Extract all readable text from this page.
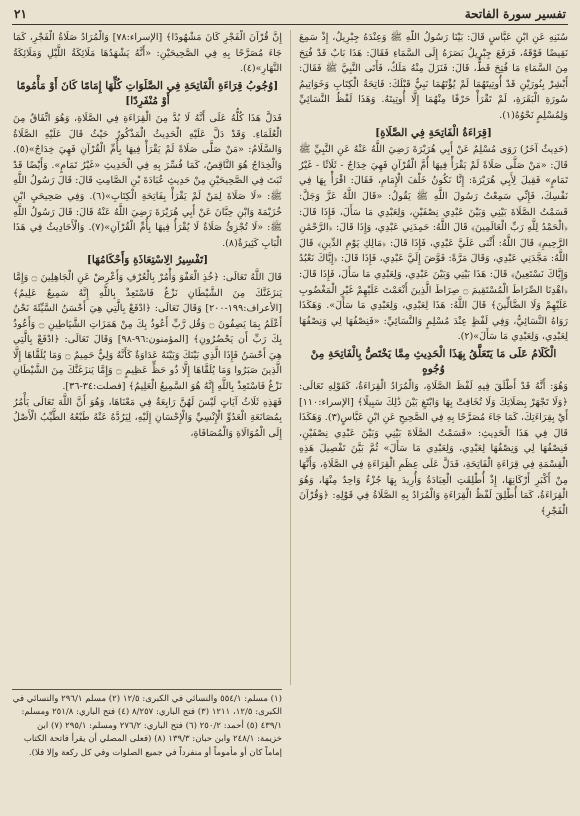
تفسير سورة الفاتحة
٢١

سُنَنِهِ عَنِ ابْنِ عَبَّاسٍ قَالَ: بَيْنَا رَسُولُ اللَّهِ ﷺ وَعِنْدَهُ جِبْرِيلُ، إِذْ سَمِعَ نَقِيضًا فَوْقَهُ، فَرَفَعَ جِبْرِيلُ بَصَرَهُ إِلَى السَّمَاءِ فَقَالَ: هَذَا بَابٌ قَدْ فُتِحَ مِنَ السَّمَاءِ مَا فُتِحَ قَطُّ، قَالَ: فَنَزَلَ مِنْهُ مَلَكٌ، فَأَتَى النَّبِيَّ ﷺ فَقَالَ: أَبْشِرْ بِنُورَيْنِ قَدْ أُوتِيتَهُمَا لَمْ يُؤْتَهُمَا نَبِيٌّ قَبْلَكَ: فَاتِحَةُ الْكِتَابِ وَخَوَاتِيمُ سُورَةِ الْبَقَرَةِ، لَمْ تَقْرَأْ حَرْفًا مِنْهُمَا إِلَّا أُوتِيتَهُ. وَهَذَا لَفْظُ النَّسَائِيِّ وَلِمُسْلِمٍ نَحْوُهُ(١).

[قِرَاءَةُ الْفَاتِحَةِ فِي الصَّلَاةِ]

(حَدِيثٌ آخَرُ) رَوَى مُسْلِمٌ عَنْ أَبِي هُرَيْرَةَ رَضِيَ اللَّهُ عَنْهُ عَنِ النَّبِيِّ ﷺ قَالَ: «مَنْ صَلَّى صَلَاةً لَمْ يَقْرَأْ فِيهَا أُمَّ الْقُرْآنِ فَهِيَ خِدَاجٌ - ثَلَاثًا - غَيْرُ تَمَامٍ» فَقِيلَ لِأَبِي هُرَيْرَةَ: إِنَّا نَكُونُ خَلْفَ الْإِمَامِ، فَقَالَ: اقْرَأْ بِهَا فِي نَفْسِكَ، فَإِنِّي سَمِعْتُ رَسُولَ اللَّهِ ﷺ يَقُولُ: «قَالَ اللَّهُ عَزَّ وَجَلَّ: قَسَمْتُ الصَّلَاةَ بَيْنِي وَبَيْنَ عَبْدِي نِصْفَيْنِ، وَلِعَبْدِي مَا سَأَلَ، فَإِذَا قَالَ: ﴿الْحَمْدُ لِلَّهِ رَبِّ الْعَالَمِينَ﴾ قَالَ اللَّهُ: حَمِدَنِي عَبْدِي، وَإِذَا قَالَ: ﴿الرَّحْمَٰنِ الرَّحِيمِ﴾ قَالَ اللَّهُ: أَثْنَى عَلَيَّ عَبْدِي، فَإِذَا قَالَ: ﴿مَالِكِ يَوْمِ الدِّينِ﴾ قَالَ اللَّهُ: مَجَّدَنِي عَبْدِي، وَقَالَ مَرَّةً: فَوَّضَ إِلَيَّ عَبْدِي، فَإِذَا قَالَ: ﴿إِيَّاكَ نَعْبُدُ وَإِيَّاكَ نَسْتَعِينُ﴾ قَالَ: هَذَا بَيْنِي وَبَيْنَ عَبْدِي، وَلِعَبْدِي مَا سَأَلَ، فَإِذَا قَالَ: ﴿اهْدِنَا الصِّرَاطَ الْمُسْتَقِيمَ ۝ صِرَاطَ الَّذِينَ أَنْعَمْتَ عَلَيْهِمْ غَيْرِ الْمَغْضُوبِ عَلَيْهِمْ وَلَا الضَّالِّينَ﴾ قَالَ اللَّهُ: هَذَا لِعَبْدِي، وَلِعَبْدِي مَا سَأَلَ». وَهَكَذَا رَوَاهُ النَّسَائِيُّ، وَفِي لَفْظٍ عِنْدَ مُسْلِمٍ وَالنَّسَائِيِّ: «فَنِصْفُهَا لِي وَنِصْفُهَا لِعَبْدِي، وَلِعَبْدِي مَا سَأَلَ»(٢).

الْكَلَامُ عَلَى مَا يَتَعَلَّقُ بِهَذَا الْحَدِيثِ مِمَّا يَخْتَصُّ بِالْفَاتِحَةِ مِنْ وُجُوهٍ

وَهُوَ: أَنَّهُ قَدْ أَطْلَقَ فِيهِ لَفْظَ الصَّلَاةِ، وَالْمُرَادُ الْقِرَاءَةُ، كَقَوْلِهِ تَعَالَى: ﴿وَلَا تَجْهَرْ بِصَلَاتِكَ وَلَا تُخَافِتْ بِهَا وَابْتَغِ بَيْنَ ذَٰلِكَ سَبِيلًا﴾ [الإسراء:١١٠] أَيْ بِقِرَاءَتِكَ، كَمَا جَاءَ مُصَرَّحًا بِهِ فِي الصَّحِيحِ عَنِ ابْنِ عَبَّاسٍ(٣). وَهَكَذَا قَالَ فِي هَذَا الْحَدِيثِ: «قَسَمْتُ الصَّلَاةَ بَيْنِي وَبَيْنَ عَبْدِي نِصْفَيْنِ، فَنِصْفُهَا لِي وَنِصْفُهَا لِعَبْدِي، وَلِعَبْدِي مَا سَأَلَ» ثُمَّ بَيَّنَ تَفْصِيلَ هَذِهِ الْقِسْمَةِ فِي قِرَاءَةِ الْفَاتِحَةِ، فَدَلَّ عَلَى عِظَمِ الْقِرَاءَةِ فِي الصَّلَاةِ، وَأَنَّهَا مِنْ أَكْبَرِ أَرْكَانِهَا، إِذْ أُطْلِقَتِ الْعِبَادَةُ وَأُرِيدَ بِهَا جُزْءٌ وَاحِدٌ مِنْهَا، وَهُوَ الْقِرَاءَةُ، كَمَا أُطْلِقَ لَفْظُ الْقِرَاءَةِ وَالْمُرَادُ بِهِ الصَّلَاةُ فِي قَوْلِهِ: ﴿وَقُرْآنَ الْفَجْرِ﴾

إِنَّ قُرْآنَ الْفَجْرِ كَانَ مَشْهُودًا﴾ [الإسراء:٧٨] وَالْمُرَادُ صَلَاةُ الْفَجْرِ، كَمَا جَاءَ مُصَرَّحًا بِهِ فِي الصَّحِيحَيْنِ: «أَنَّهُ يَشْهَدُهَا مَلَائِكَةُ اللَّيْلِ وَمَلَائِكَةُ النَّهَارِ»(٤).

[وُجُوبُ قِرَاءَةِ الْفَاتِحَةِ فِي الصَّلَوَاتِ كُلِّهَا إِمَامًا كَانَ أَوْ مَأْمُومًا أَوْ مُنْفَرِدًا]

فَدَلَّ هَذَا كُلُّهُ عَلَى أَنَّهُ لَا بُدَّ مِنَ الْقِرَاءَةِ فِي الصَّلَاةِ، وَهُوَ اتِّفَاقٌ مِنَ الْعُلَمَاءِ. وَقَدْ دَلَّ عَلَيْهِ الْحَدِيثُ الْمَذْكُورُ حَيْثُ قَالَ عَلَيْهِ الصَّلَاةُ وَالسَّلَامُ: «مَنْ صَلَّى صَلَاةً لَمْ يَقْرَأْ فِيهَا بِأُمِّ الْقُرْآنِ فَهِيَ خِدَاجٌ»(٥). وَالْخِدَاجُ هُوَ النَّاقِصُ، كَمَا فُسِّرَ بِهِ فِي الْحَدِيثِ «غَيْرُ تَمَامٍ». وَأَيْضًا قَدْ ثَبَتَ فِي الصَّحِيحَيْنِ مِنْ حَدِيثِ عُبَادَةَ بْنِ الصَّامِتِ قَالَ: قَالَ رَسُولُ اللَّهِ ﷺ: «لَا صَلَاةَ لِمَنْ لَمْ يَقْرَأْ بِفَاتِحَةِ الْكِتَابِ»(٦). وَفِي صَحِيحَيِ ابْنِ خُزَيْمَةَ وَابْنِ حِبَّانَ عَنْ أَبِي هُرَيْرَةَ رَضِيَ اللَّهُ عَنْهُ قَالَ: قَالَ رَسُولُ اللَّهِ ﷺ: «لَا تُجْزِئُ صَلَاةٌ لَا يُقْرَأُ فِيهَا بِأُمِّ الْقُرْآنِ»(٧). وَالْأَحَادِيثُ فِي هَذَا الْبَابِ كَثِيرَةٌ(٨).

[تَفْسِيرُ الِاسْتِعَاذَةِ وَأَحْكَامُهَا]

قَالَ اللَّهُ تَعَالَى: ﴿خُذِ الْعَفْوَ وَأْمُرْ بِالْعُرْفِ وَأَعْرِضْ عَنِ الْجَاهِلِينَ ۝ وَإِمَّا يَنزَغَنَّكَ مِنَ الشَّيْطَانِ نَزْغٌ فَاسْتَعِذْ بِاللَّهِ إِنَّهُ سَمِيعٌ عَلِيمٌ﴾ [الأعراف:١٩٩-٢٠٠] وَقَالَ تَعَالَى: ﴿ادْفَعْ بِالَّتِي هِيَ أَحْسَنُ السَّيِّئَةَ نَحْنُ أَعْلَمُ بِمَا يَصِفُونَ ۝ وَقُل رَّبِّ أَعُوذُ بِكَ مِنْ هَمَزَاتِ الشَّيَاطِينِ ۝ وَأَعُوذُ بِكَ رَبِّ أَن يَحْضُرُونِ﴾ [المؤمنون:٩٦-٩٨] وَقَالَ تَعَالَى: ﴿ادْفَعْ بِالَّتِي هِيَ أَحْسَنُ فَإِذَا الَّذِي بَيْنَكَ وَبَيْنَهُ عَدَاوَةٌ كَأَنَّهُ وَلِيٌّ حَمِيمٌ ۝ وَمَا يُلَقَّاهَا إِلَّا الَّذِينَ صَبَرُوا وَمَا يُلَقَّاهَا إِلَّا ذُو حَظٍّ عَظِيمٍ ۝ وَإِمَّا يَنزَغَنَّكَ مِنَ الشَّيْطَانِ نَزْغٌ فَاسْتَعِذْ بِاللَّهِ إِنَّهُ هُوَ السَّمِيعُ الْعَلِيمُ﴾ [فصلت:٣٤-٣٦].

فَهَذِهِ ثَلَاثُ آيَاتٍ لَيْسَ لَهُنَّ رَابِعَةٌ فِي مَعْنَاهَا، وَهُوَ أَنَّ اللَّهَ تَعَالَى يَأْمُرُ بِمُصَانَعَةِ الْعَدُوِّ الْإِنْسِيِّ وَالْإِحْسَانِ إِلَيْهِ، لِيَرُدَّهُ عَنْهُ طَبْعُهُ الطَّيِّبُ الْأَصْلُ إِلَى الْمُوَالَاةِ وَالْمُصَافَاةِ،

(١) مسلم: ٥٥٤/١ والنسائي في الكبرى: ١٢/٥ (٢) مسلم ٢٩٦/١ والنسائي في الكبرى: ١٢/٥، ١٢١١ (٣) فتح الباري: ٨/٢٥٧ (٤) فتح الباري: ٢٥١/٨ ومسلم: ٤٣٩/١ (٥) أحمد: ٢٥٠/٢ (٦) فتح الباري: ٢٧٦/٢ ومسلم: ٢٩٥/١ (٧) ابن خزيمة: ٢٤٨/١ وابن حبان: ١٣٩/٣ (٨) (فعلى المصلي أن يقرأ فاتحة الكتاب إماماً كان أو مأموماً أو منفرداً في جميع الصلوات وفي كل ركعة وإلا فلا).
